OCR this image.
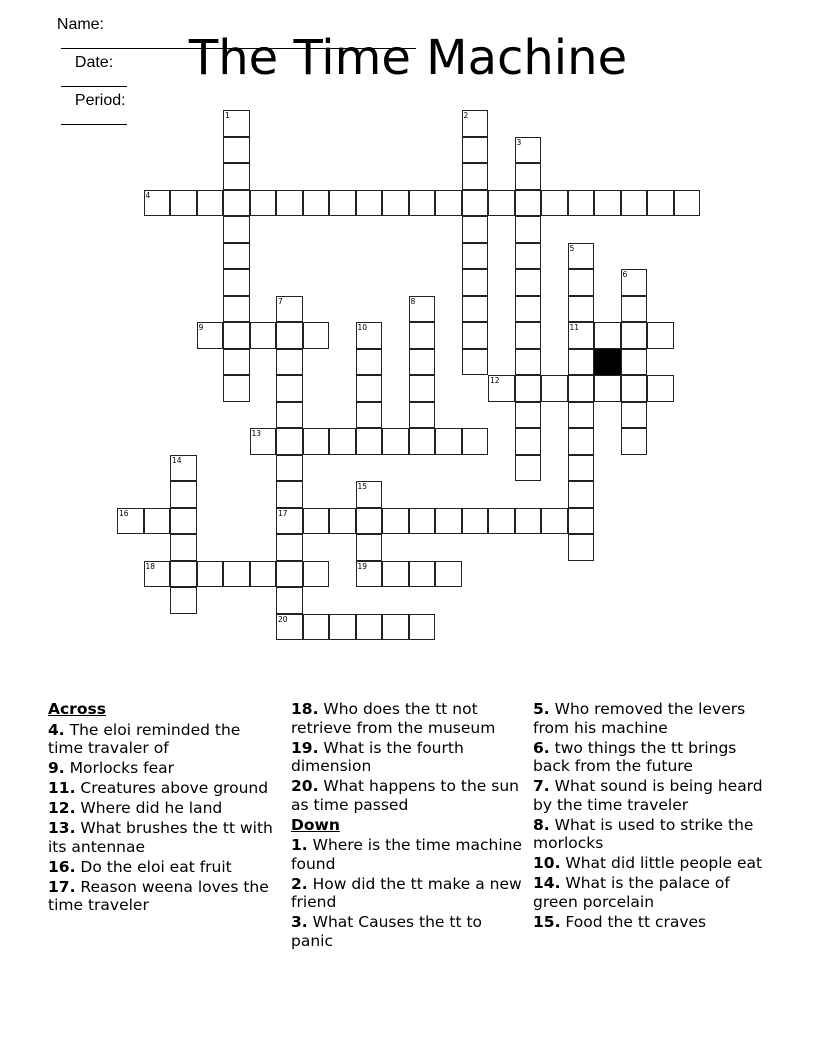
Name:

Date:

Period:

The Time Machine
1	2
3
4
5
11
6
7
17
20
8
9	10
12
13
14
15
19
16
18
Across
4. The eloi reminded the time travaler of
9. Morlocks fear
11. Creatures above ground
12. Where did he land
13. What brushes the tt with its antennae
16. Do the eloi eat fruit
17. Reason weena loves the time traveler
18. Who does the tt not retrieve from the museum
19. What is the fourth dimension
20. What happens to the sun as time passed
Down
1. Where is the time machine found
2. How did the tt make a new friend
3. What Causes the tt to panic
5. Who removed the levers from his machine
6. two things the tt brings back from the future
7. What sound is being heard by the time traveler
8. What is used to strike the morlocks
10. What did little people eat
14. What is the palace of green porcelain
15. Food the tt craves
